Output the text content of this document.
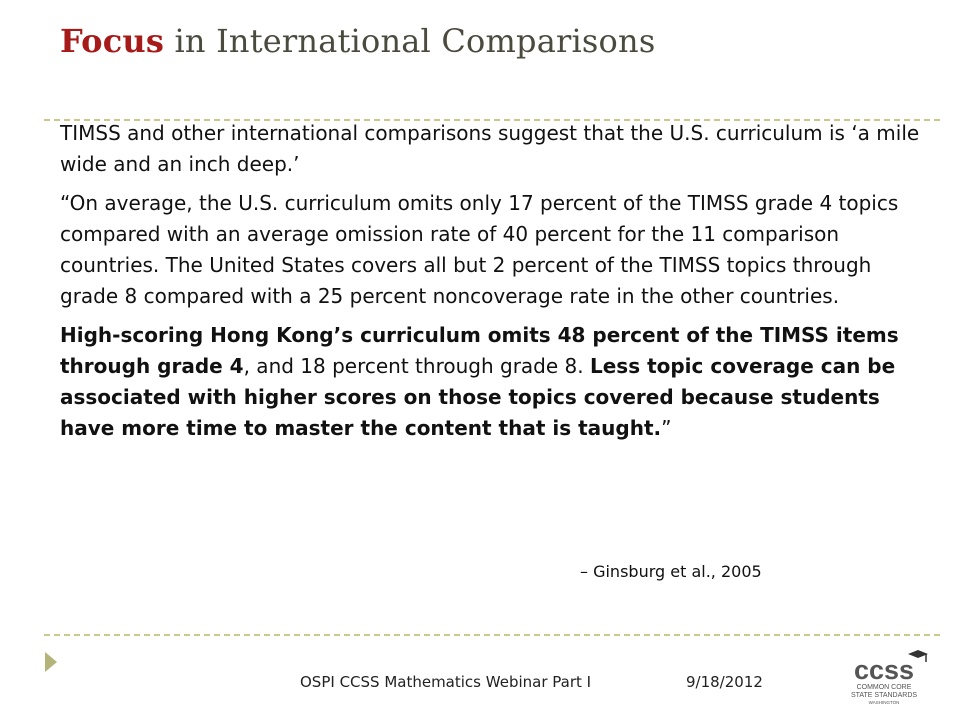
Focus in International Comparisons

TIMSS and other international comparisons suggest that the U.S. curriculum is ‘a mile wide and an inch deep.’

“On average, the U.S. curriculum omits only 17 percent of the TIMSS grade 4 topics compared with an average omission rate of 40 percent for the 11 comparison countries. The United States covers all but 2 percent of the TIMSS topics through grade 8 compared with a 25 percent noncoverage rate in the other countries.

High-scoring Hong Kong’s curriculum omits 48 percent of the TIMSS items through grade 4, and 18 percent through grade 8. Less topic coverage can be associated with higher scores on those topics covered because students have more time to master the content that is taught.”

– Ginsburg et al., 2005
OSPI CCSS Mathematics Webinar Part I	9/18/2012	ccss
COMMON CORE
STATE STANDARDS
WASHINGTON
